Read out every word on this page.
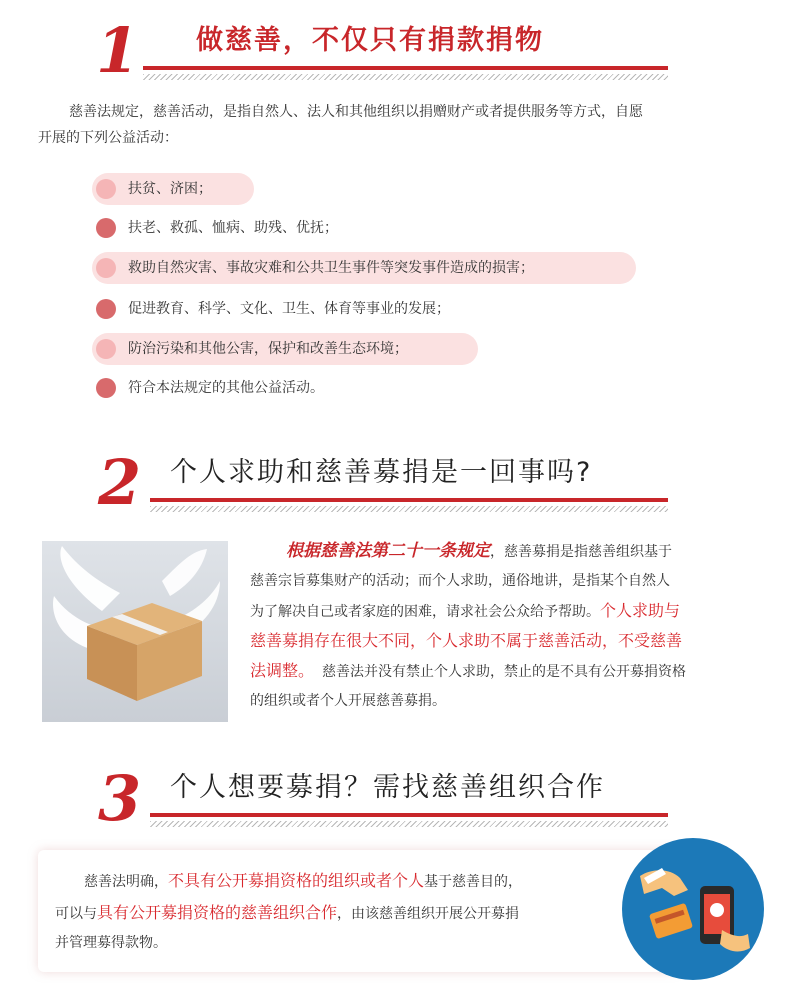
1 做慈善，不仅只有捐款捐物
慈善法规定，慈善活动，是指自然人、法人和其他组织以捐赠财产或者提供服务等方式，自愿
开展的下列公益活动：
扶贫、济困；
扶老、救孤、恤病、助残、优抚；
救助自然灾害、事故灾难和公共卫生事件等突发事件造成的损害；
促进教育、科学、文化、卫生、体育等事业的发展；
防治污染和其他公害，保护和改善生态环境；
符合本法规定的其他公益活动。
2 个人求助和慈善募捐是一回事吗?
根据慈善法第二十一条规定，慈善募捐是指慈善组织基于
慈善宗旨募集财产的活动；而个人求助，通俗地讲，是指某个自然人
为了解决自己或者家庭的困难，请求社会公众给予帮助。个人求助与
慈善募捐存在很大不同，个人求助不属于慈善活动，不受慈善
法调整。 慈善法并没有禁止个人求助，禁止的是不具有公开募捐资格
的组织或者个人开展慈善募捐。
3 个人想要募捐？需找慈善组织合作
慈善法明确，不具有公开募捐资格的组织或者个人基于慈善目的，
可以与具有公开募捐资格的慈善组织合作，由该慈善组织开展公开募捐
并管理募得款物。
